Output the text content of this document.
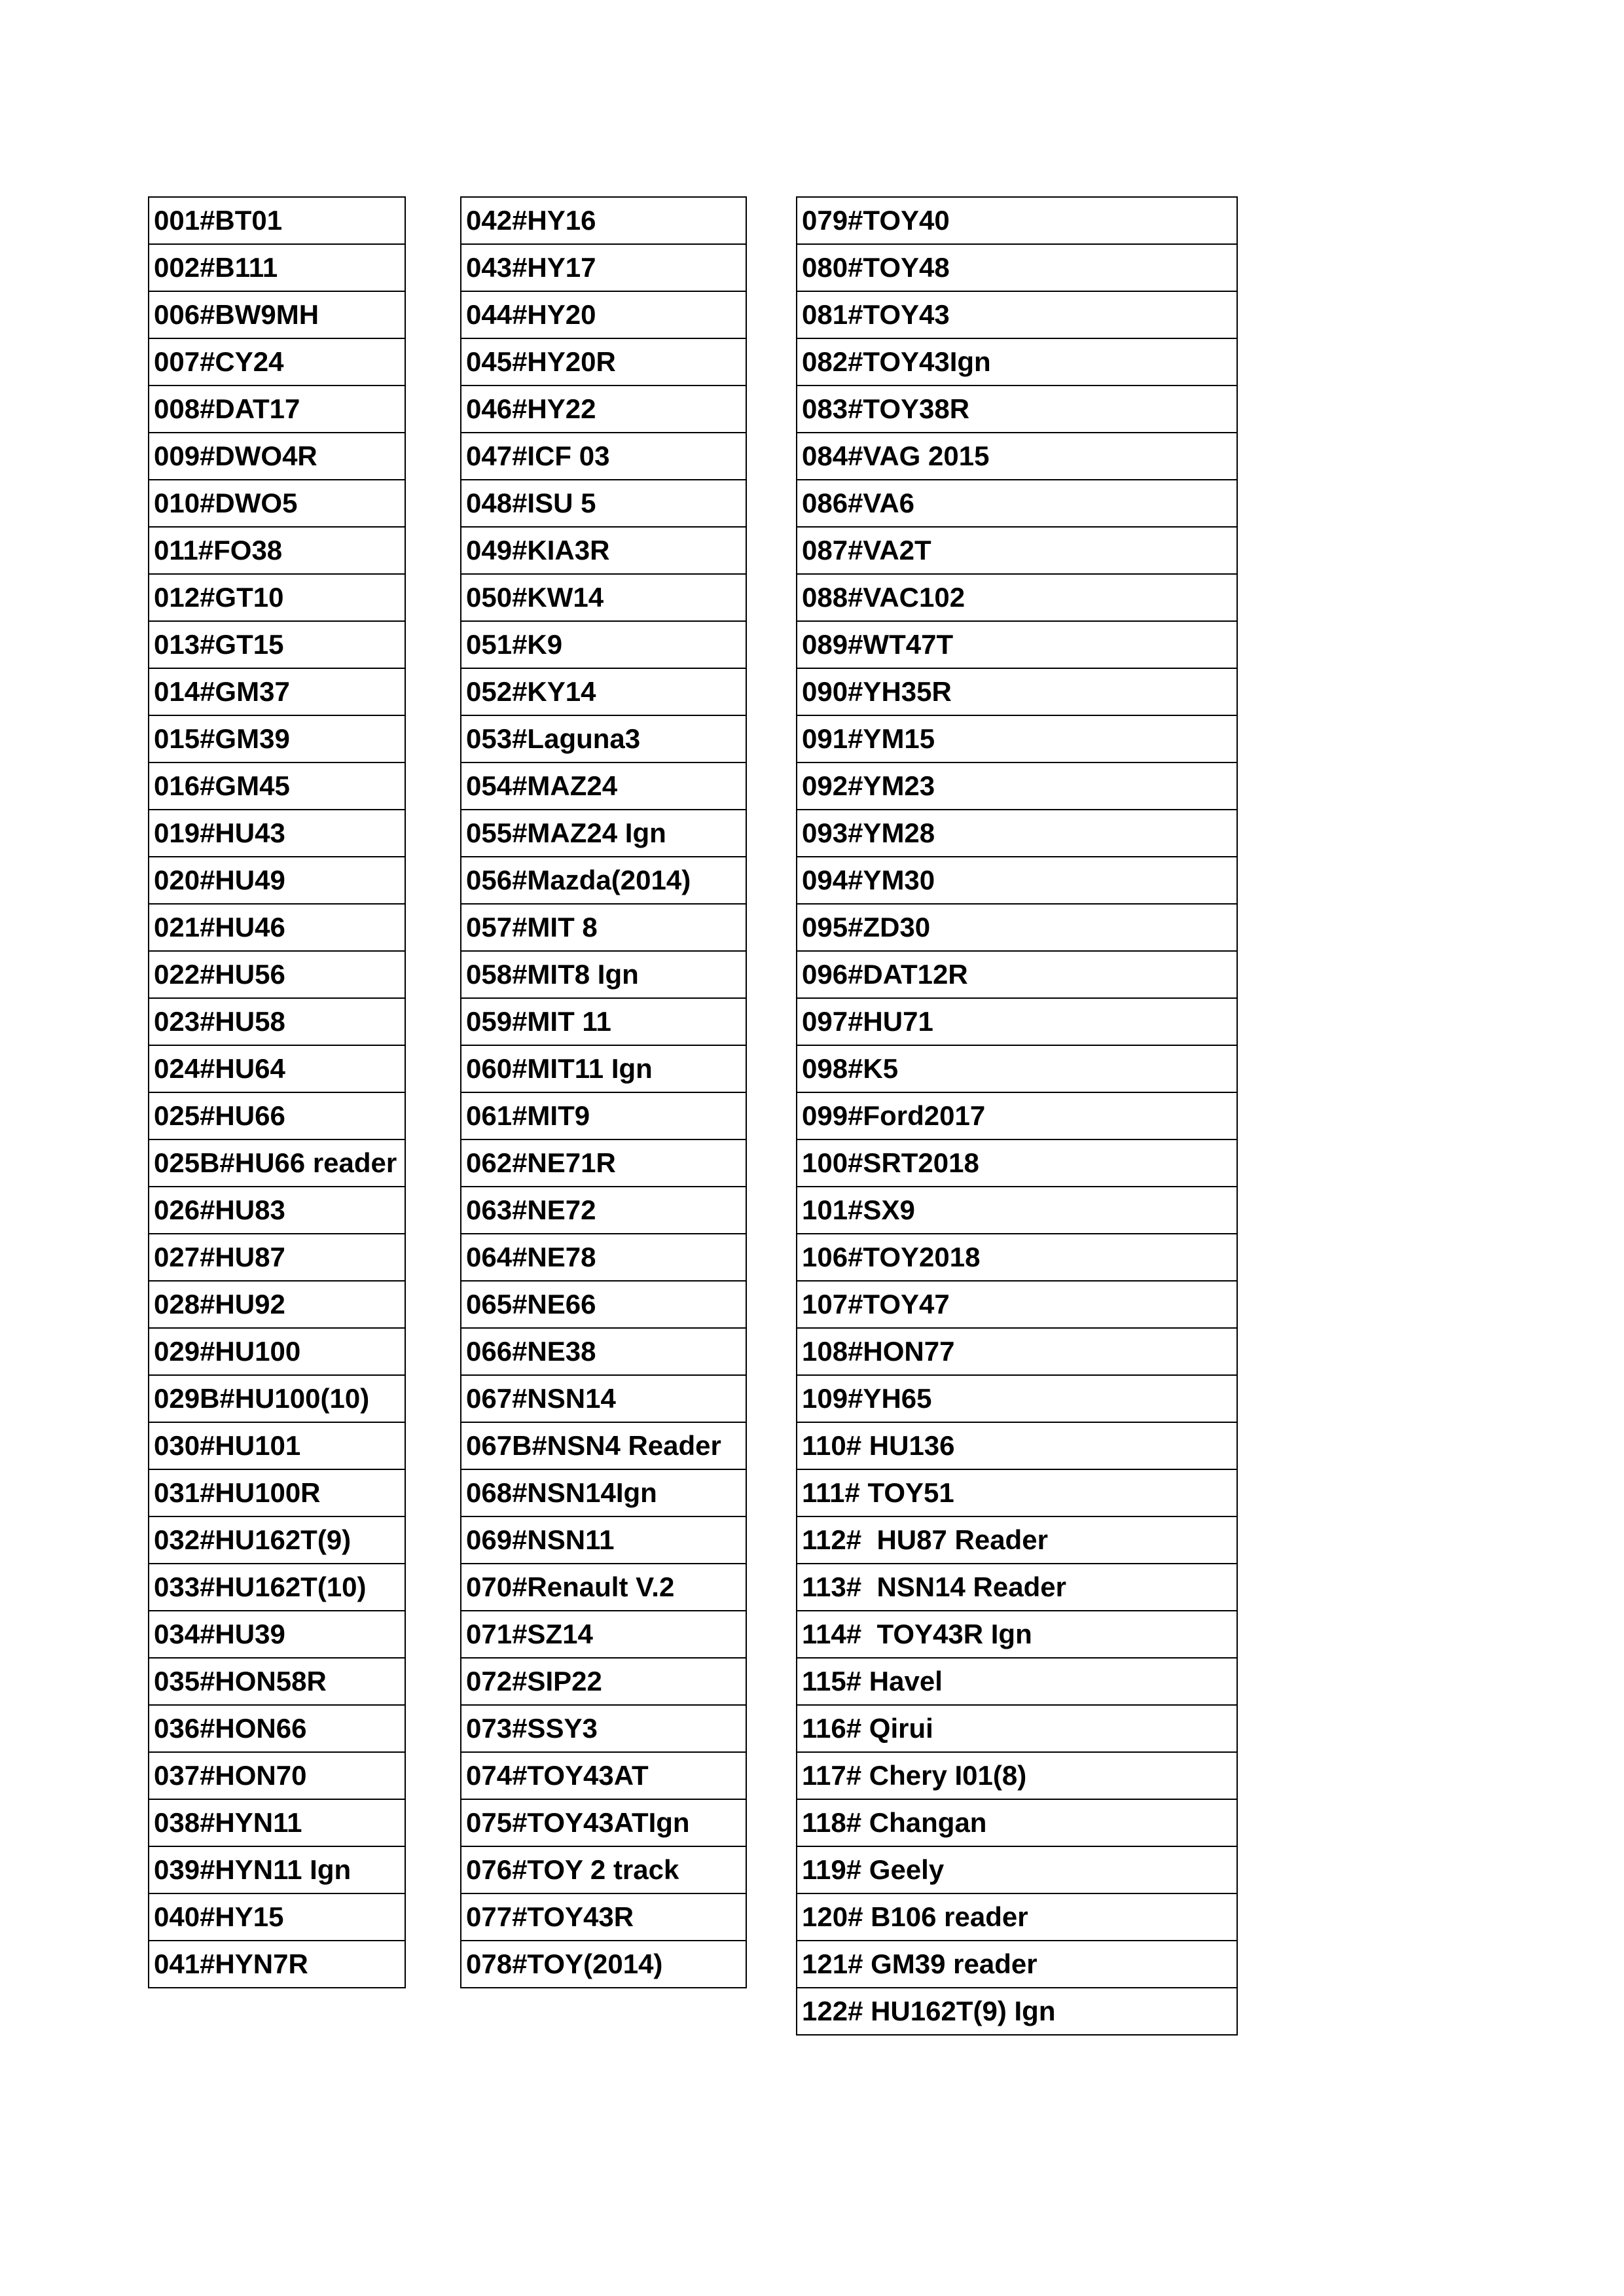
001#BT01
002#B111
006#BW9MH
007#CY24
008#DAT17
009#DWO4R
010#DWO5
011#FO38
012#GT10
013#GT15
014#GM37
015#GM39
016#GM45
019#HU43
020#HU49
021#HU46
022#HU56
023#HU58
024#HU64
025#HU66
025B#HU66 reader
026#HU83
027#HU87
028#HU92
029#HU100
029B#HU100(10)
030#HU101
031#HU100R
032#HU162T(9)
033#HU162T(10)
034#HU39
035#HON58R
036#HON66
037#HON70
038#HYN11
039#HYN11 Ign
040#HY15
041#HYN7R
042#HY16
043#HY17
044#HY20
045#HY20R
046#HY22
047#ICF 03
048#ISU 5
049#KIA3R
050#KW14
051#K9
052#KY14
053#Laguna3
054#MAZ24
055#MAZ24 Ign
056#Mazda(2014)
057#MIT 8
058#MIT8 Ign
059#MIT 11
060#MIT11 Ign
061#MIT9
062#NE71R
063#NE72
064#NE78
065#NE66
066#NE38
067#NSN14
067B#NSN4 Reader
068#NSN14Ign
069#NSN11
070#Renault V.2
071#SZ14
072#SIP22
073#SSY3
074#TOY43AT
075#TOY43ATIgn
076#TOY 2 track
077#TOY43R
078#TOY(2014)
079#TOY40
080#TOY48
081#TOY43
082#TOY43Ign
083#TOY38R
084#VAG 2015
086#VA6
087#VA2T
088#VAC102
089#WT47T
090#YH35R
091#YM15
092#YM23
093#YM28
094#YM30
095#ZD30
096#DAT12R
097#HU71
098#K5
099#Ford2017
100#SRT2018
101#SX9
106#TOY2018
107#TOY47
108#HON77
109#YH65
110# HU136
111# TOY51
112#  HU87 Reader
113#  NSN14 Reader
114#  TOY43R Ign
115# Havel
116# Qirui
117# Chery I01(8)
118# Changan
119# Geely
120# B106 reader
121# GM39 reader
122# HU162T(9) Ign
